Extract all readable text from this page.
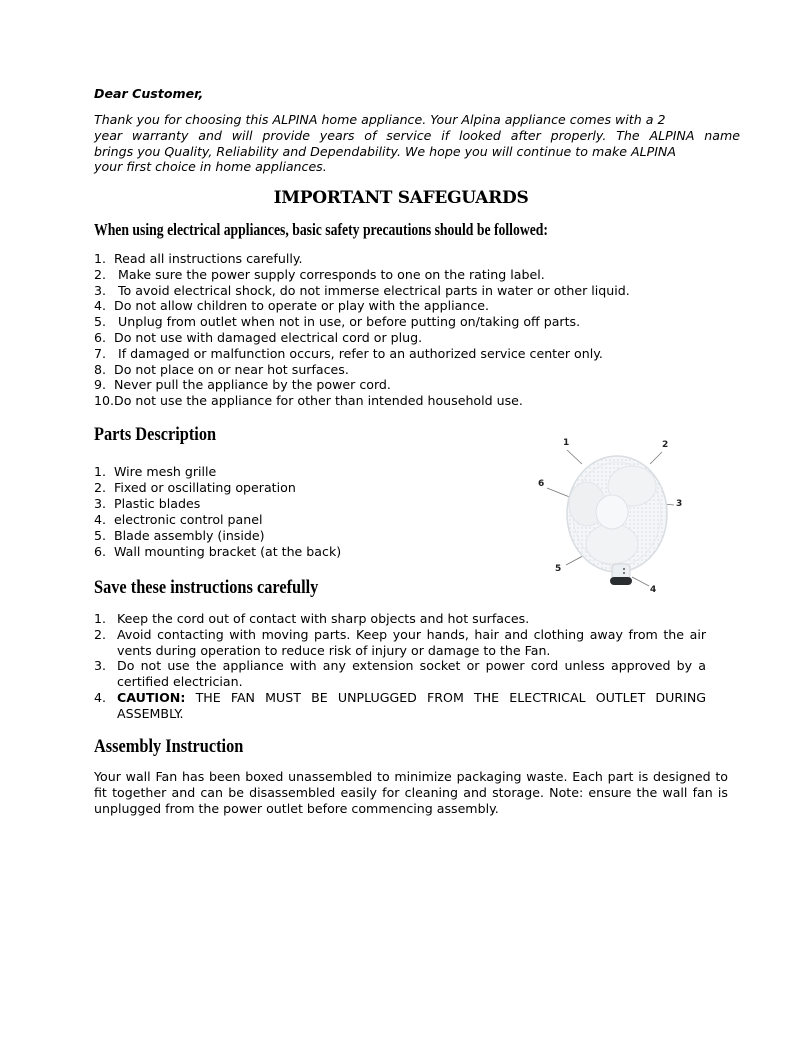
Dear Customer,
Thank you for choosing this ALPINA home appliance. Your Alpina appliance comes with a 2
year warranty and will provide years of service if looked after properly. The ALPINA name
brings you Quality, Reliability and Dependability. We hope you will continue to make ALPINA
your first choice in home appliances.
IMPORTANT SAFEGUARDS
When using electrical appliances, basic safety precautions should be followed:
1. Read all instructions carefully.
2. Make sure the power supply corresponds to one on the rating label.
3. To avoid electrical shock, do not immerse electrical parts in water or other liquid.
4. Do not allow children to operate or play with the appliance.
5. Unplug from outlet when not in use, or before putting on/taking off parts.
6. Do not use with damaged electrical cord or plug.
7. If damaged or malfunction occurs, refer to an authorized service center only.
8. Do not place on or near hot surfaces.
9. Never pull the appliance by the power cord.
10. Do not use the appliance for other than intended household use.
Parts Description
1. Wire mesh grille
2. Fixed or oscillating operation
3. Plastic blades
4. electronic control panel
5. Blade assembly (inside)
6. Wall mounting bracket (at the back)
Save these instructions carefully
1. Keep the cord out of contact with sharp objects and hot surfaces.
2. Avoid contacting with moving parts. Keep your hands, hair and clothing away from the air vents during operation to reduce risk of injury or damage to the Fan.
3. Do not use the appliance with any extension socket or power cord unless approved by a certified electrician.
4. CAUTION: THE FAN MUST BE UNPLUGGED FROM THE ELECTRICAL OUTLET DURING ASSEMBLY.
Assembly Instruction
Your wall Fan has been boxed unassembled to minimize packaging waste. Each part is designed to fit together and can be disassembled easily for cleaning and storage. Note: ensure the wall fan is unplugged from the power outlet before commencing assembly.
1	2
3
4
5
6
